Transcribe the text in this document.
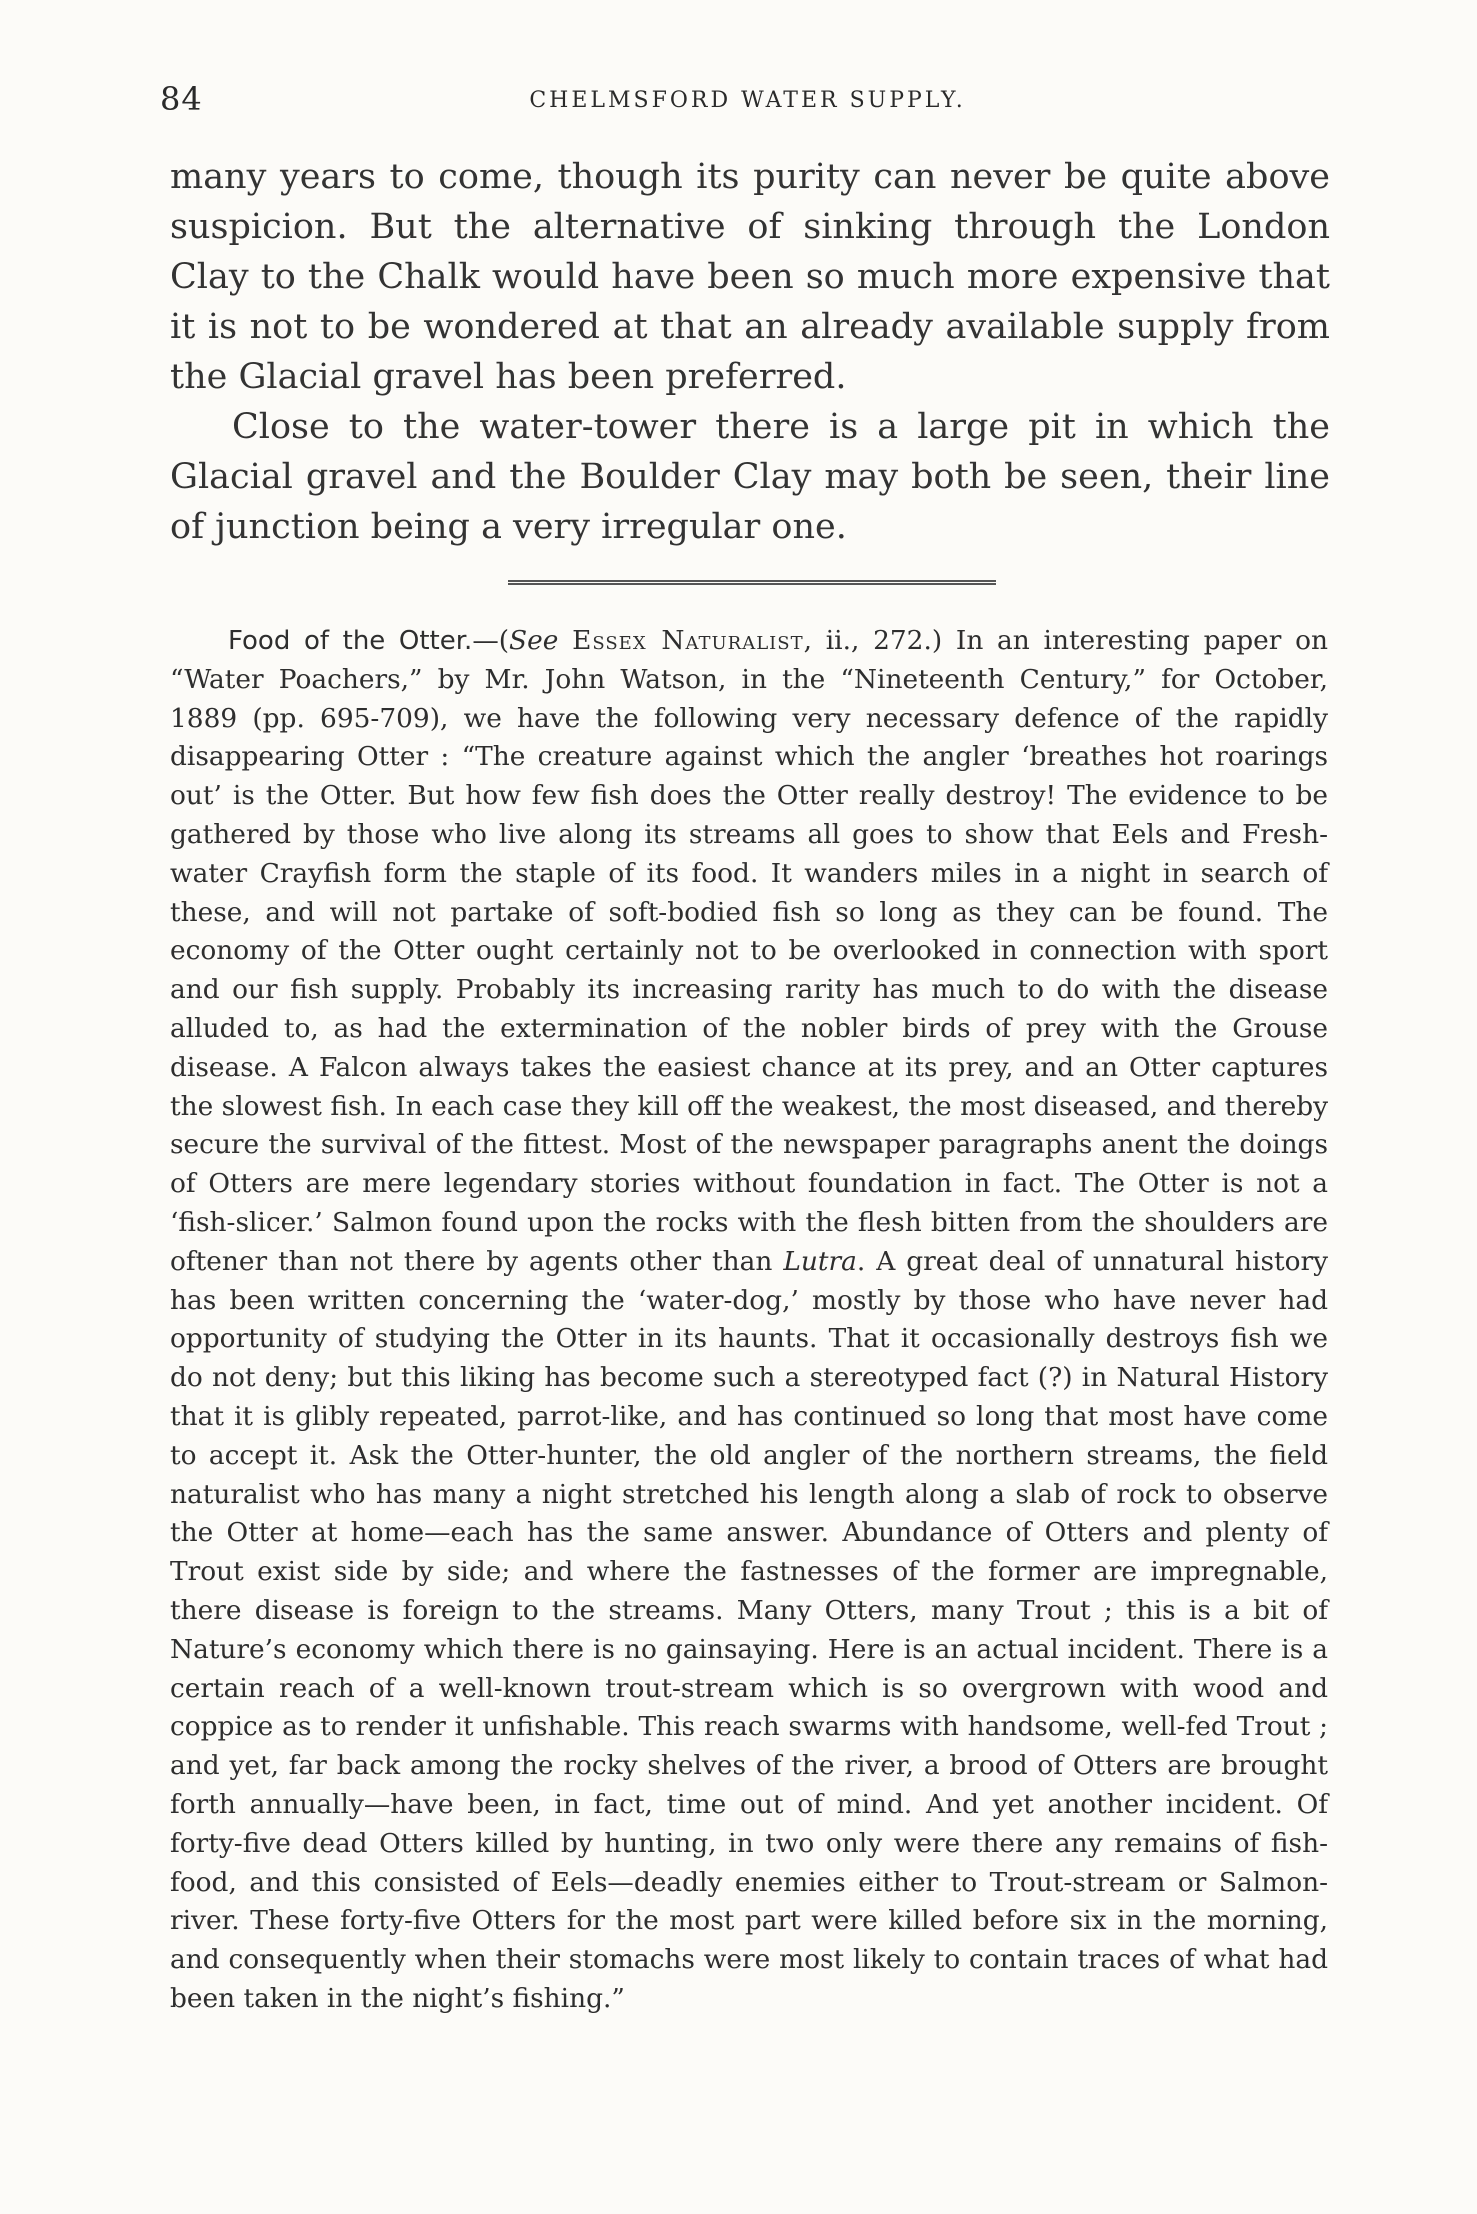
84	CHELMSFORD WATER SUPPLY.

many years to come, though its purity can never be quite above suspicion. But the alternative of sinking through the London Clay to the Chalk would have been so much more expensive that it is not to be wondered at that an already available supply from the Glacial gravel has been preferred.

Close to the water-tower there is a large pit in which the Glacial gravel and the Boulder Clay may both be seen, their line of junction being a very irregular one.

Food of the Otter.—(See Essex Naturalist, ii., 272.) In an interesting paper on “Water Poachers,” by Mr. John Watson, in the “Nineteenth Century,” for October, 1889 (pp. 695-709), we have the following very necessary defence of the rapidly disappearing Otter : “The creature against which the angler ‘breathes hot roarings out’ is the Otter. But how few fish does the Otter really destroy! The evidence to be gathered by those who live along its streams all goes to show that Eels and Fresh-water Crayfish form the staple of its food. It wanders miles in a night in search of these, and will not partake of soft-bodied fish so long as they can be found. The economy of the Otter ought certainly not to be overlooked in connection with sport and our fish supply. Probably its increasing rarity has much to do with the disease alluded to, as had the extermination of the nobler birds of prey with the Grouse disease. A Falcon always takes the easiest chance at its prey, and an Otter captures the slowest fish. In each case they kill off the weakest, the most diseased, and thereby secure the survival of the fittest. Most of the newspaper paragraphs anent the doings of Otters are mere legendary stories without foundation in fact. The Otter is not a ‘fish-slicer.’ Salmon found upon the rocks with the flesh bitten from the shoulders are oftener than not there by agents other than Lutra. A great deal of unnatural history has been written concerning the ‘water-dog,’ mostly by those who have never had opportunity of studying the Otter in its haunts. That it occasionally destroys fish we do not deny; but this liking has become such a stereotyped fact (?) in Natural History that it is glibly repeated, parrot-like, and has continued so long that most have come to accept it. Ask the Otter-hunter, the old angler of the northern streams, the field naturalist who has many a night stretched his length along a slab of rock to observe the Otter at home—each has the same answer. Abundance of Otters and plenty of Trout exist side by side; and where the fastnesses of the former are impregnable, there disease is foreign to the streams. Many Otters, many Trout ; this is a bit of Nature’s economy which there is no gainsaying. Here is an actual incident. There is a certain reach of a well-known trout-stream which is so overgrown with wood and coppice as to render it unfishable. This reach swarms with handsome, well-fed Trout ; and yet, far back among the rocky shelves of the river, a brood of Otters are brought forth annually—have been, in fact, time out of mind. And yet another incident. Of forty-five dead Otters killed by hunting, in two only were there any remains of fish-food, and this consisted of Eels—deadly enemies either to Trout-stream or Salmon-river. These forty-five Otters for the most part were killed before six in the morning, and consequently when their stomachs were most likely to contain traces of what had been taken in the night’s fishing.”
